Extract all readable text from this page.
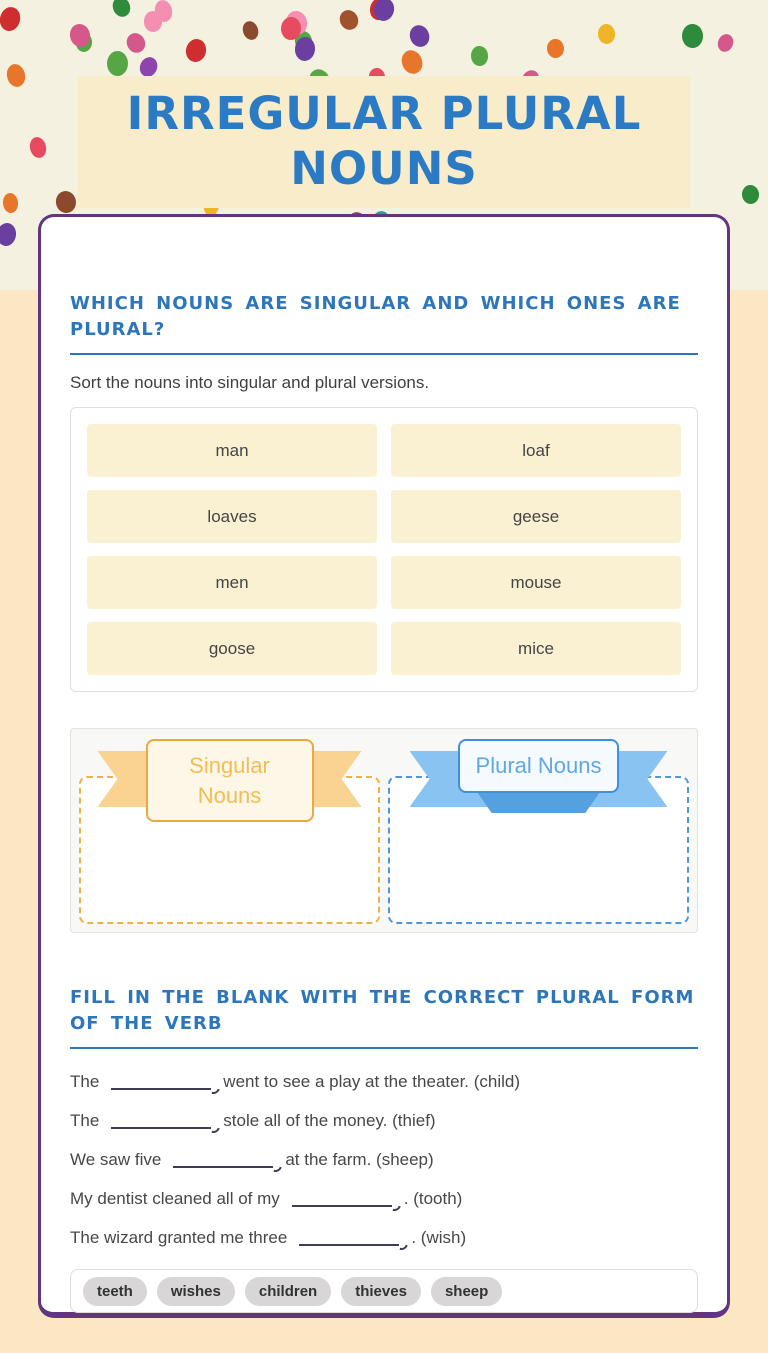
IRREGULAR PLURAL NOUNS
WHICH NOUNS ARE SINGULAR AND WHICH ONES ARE PLURAL?
Sort the nouns into singular and plural versions.
man	loaf
loaves	geese
men	mouse
goose	mice
Singular Nouns
Plural Nouns
FILL IN THE BLANK WITH THE CORRECT PLURAL FORM OF THE VERB
The	went to see a play at the theater. (child)
The	stole all of the money. (thief)
We saw five	at the farm. (sheep)
My dentist cleaned all of my	. (tooth)
The wizard granted me three	. (wish)
teeth	wishes	children	thieves	sheep
